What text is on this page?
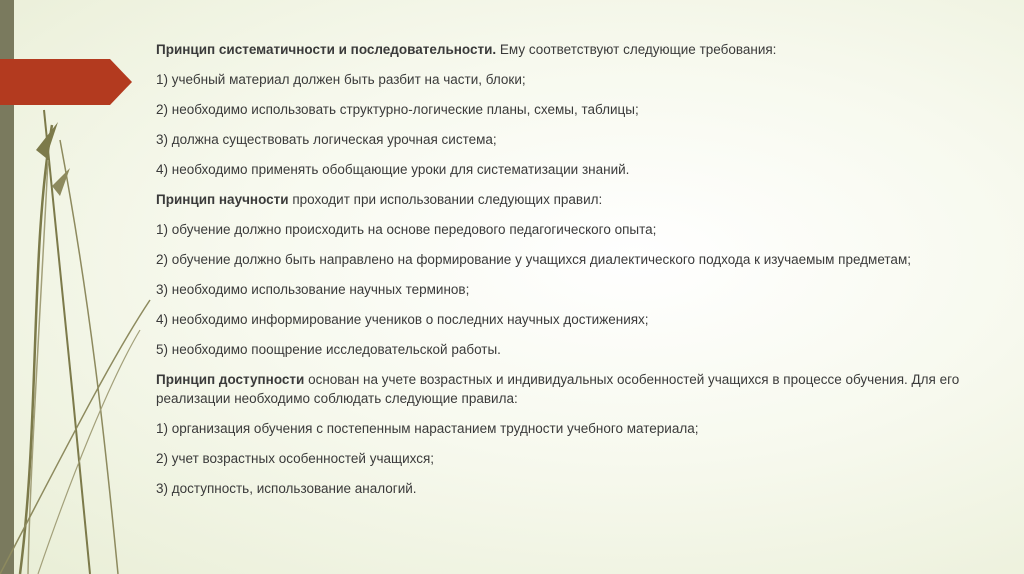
Принцип систематичности и последовательности. Ему соответствуют следующие требования:

1) учебный материал должен быть разбит на части, блоки;

2) необходимо использовать структурно-логические планы, схемы, таблицы;

3) должна существовать логическая урочная система;

4) необходимо применять обобщающие уроки для систематизации знаний.

Принцип научности проходит при использовании следующих правил:

1) обучение должно происходить на основе передового педагогического опыта;

2) обучение должно быть направлено на формирование у учащихся диалектического подхода к изучаемым предметам;

3) необходимо использование научных терминов;

4) необходимо информирование учеников о последних научных достижениях;

5) необходимо поощрение исследовательской работы.

Принцип доступности основан на учете возрастных и индивидуальных особенностей учащихся в процессе обучения. Для его реализации необходимо соблюдать следующие правила:

1) организация обучения с постепенным нарастанием трудности учебного материала;

2) учет возрастных особенностей учащихся;

3) доступность, использование аналогий.
